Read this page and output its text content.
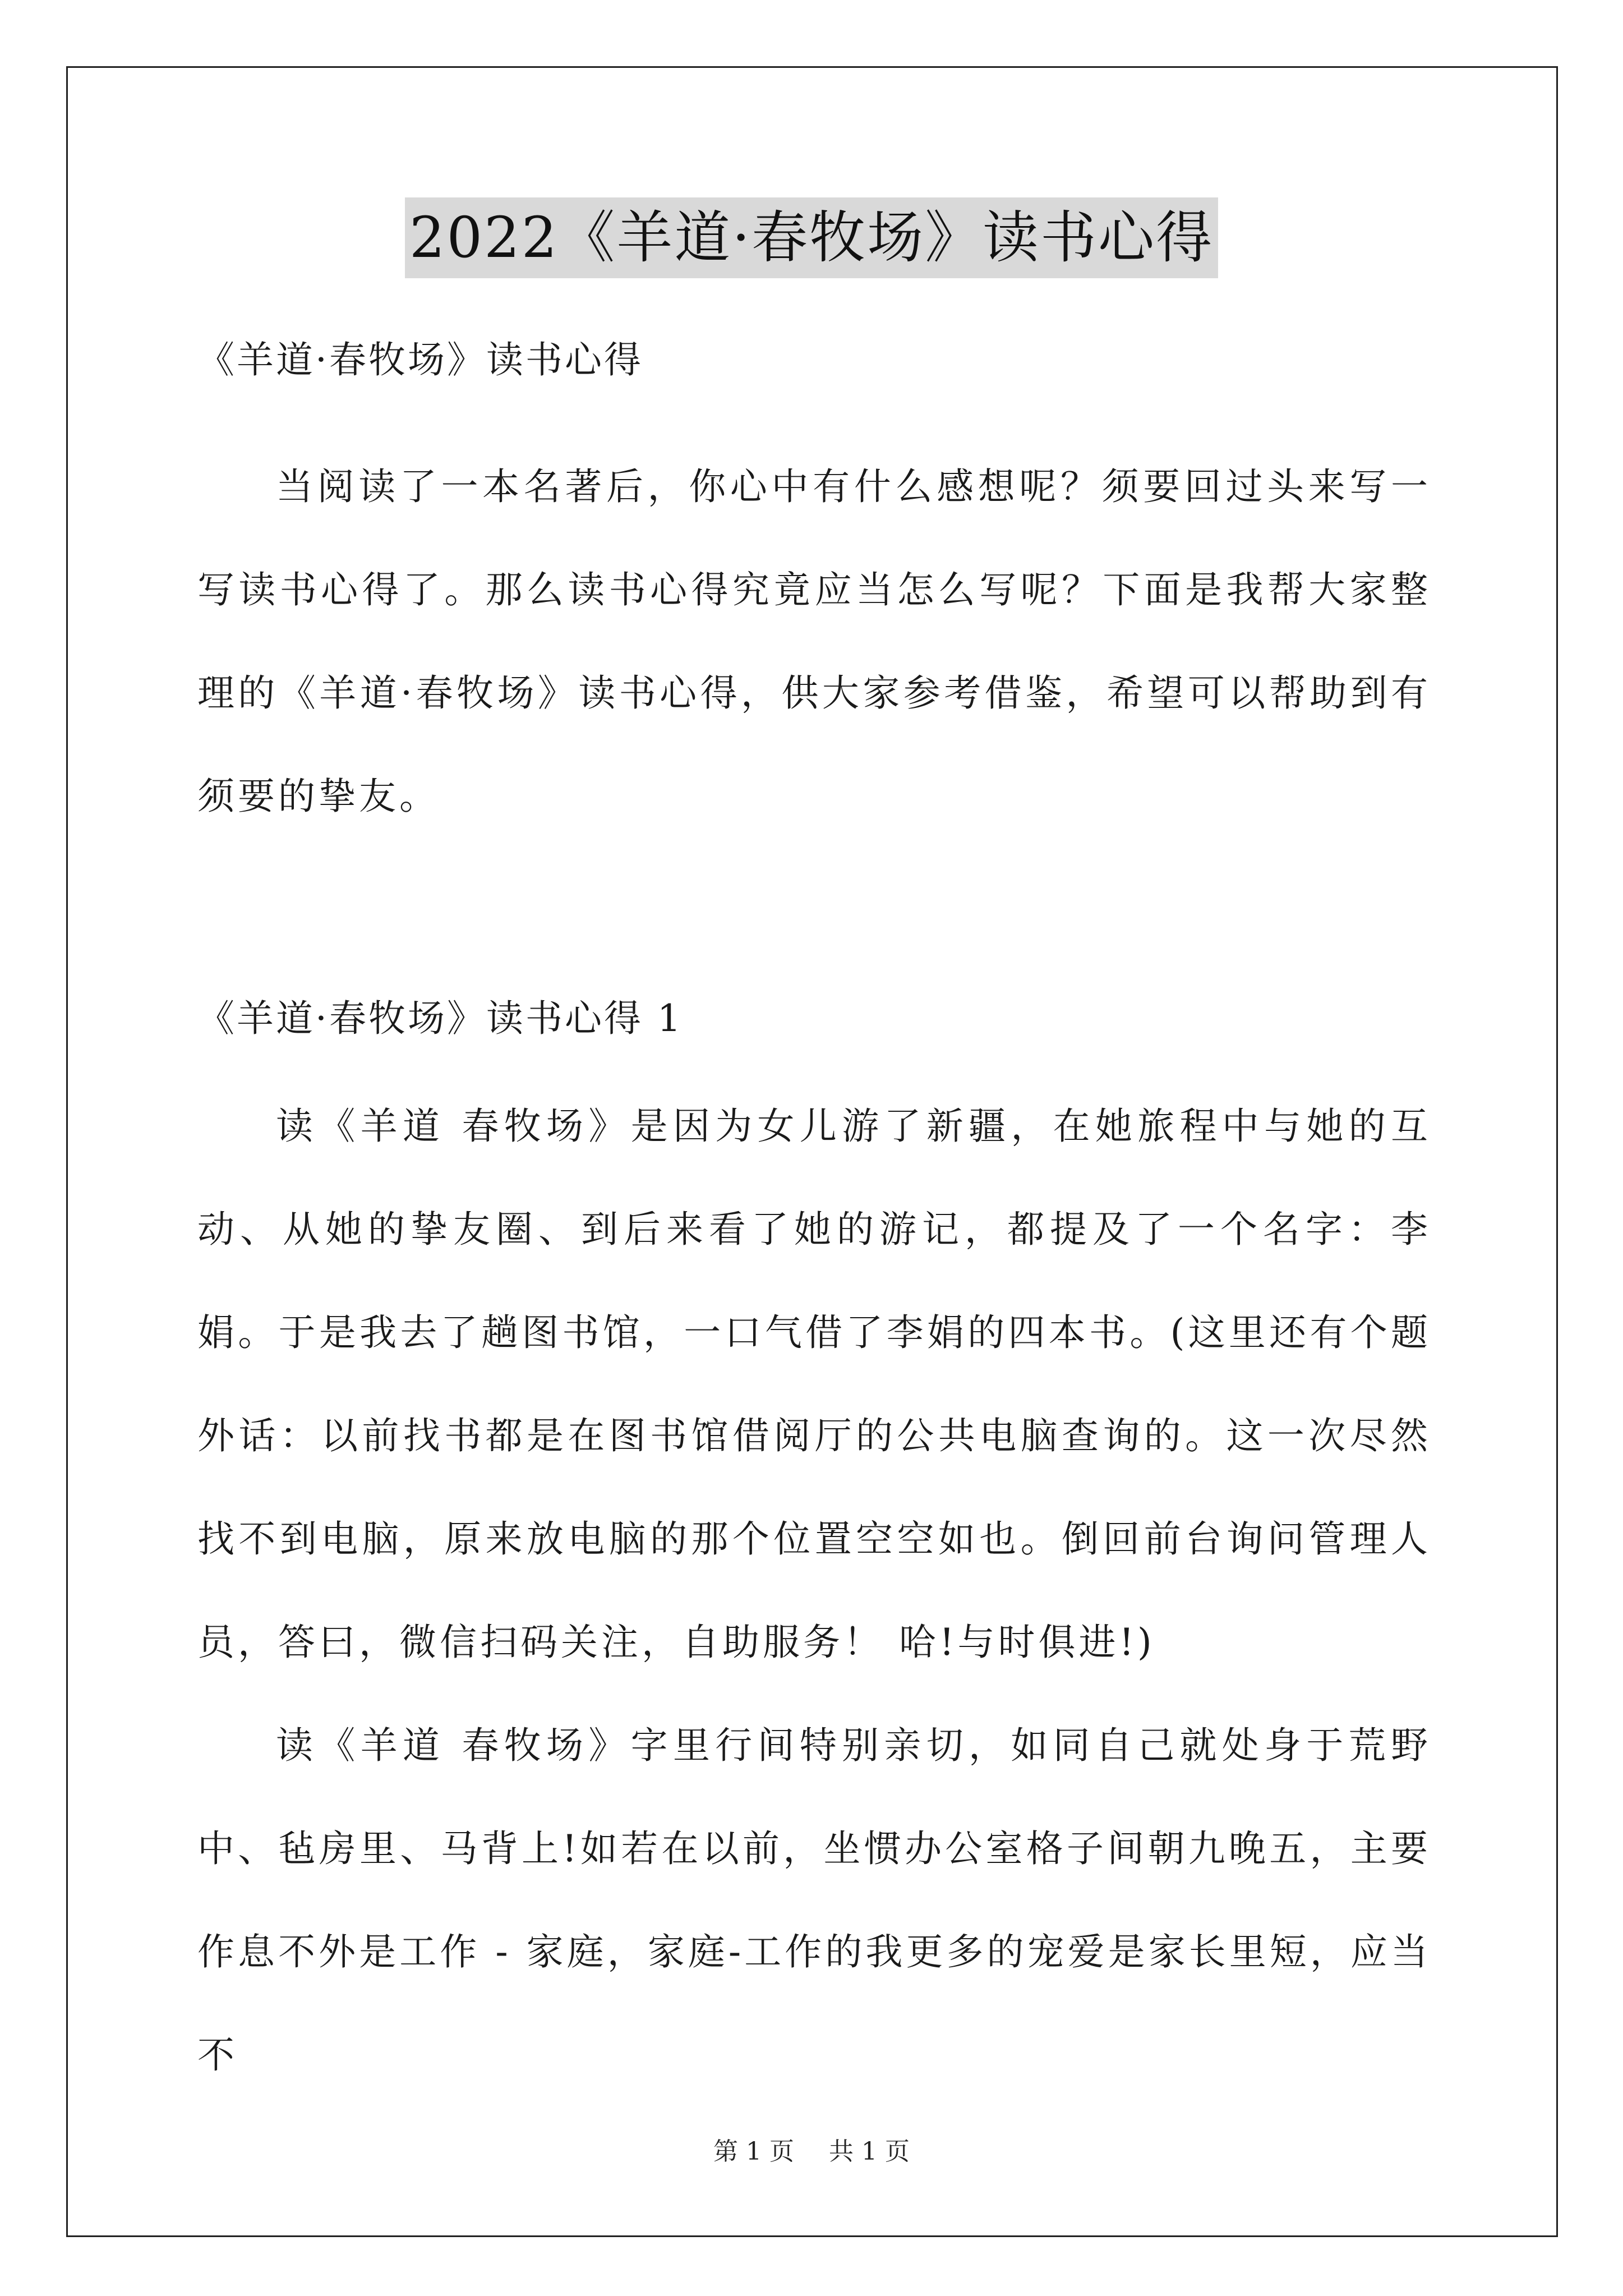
2022《羊道·春牧场》读书心得
《羊道·春牧场》读书心得

当阅读了一本名著后，你心中有什么感想呢？须要回过头来写一写读书心得了。那么读书心得究竟应当怎么写呢？下面是我帮大家整理的《羊道·春牧场》读书心得，供大家参考借鉴，希望可以帮助到有须要的挚友。

《羊道·春牧场》读书心得 1

读《羊道 春牧场》是因为女儿游了新疆，在她旅程中与她的互动、从她的挚友圈、到后来看了她的游记，都提及了一个名字：李娟。于是我去了趟图书馆，一口气借了李娟的四本书。(这里还有个题外话：以前找书都是在图书馆借阅厅的公共电脑查询的。这一次尽然找不到电脑，原来放电脑的那个位置空空如也。倒回前台询问管理人员，答曰，微信扫码关注，自助服务！ 哈!与时俱进!)

读《羊道 春牧场》字里行间特别亲切，如同自己就处身于荒野中、毡房里、马背上!如若在以前，坐惯办公室格子间朝九晚五，主要作息不外是工作 - 家庭，家庭-工作的我更多的宠爱是家长里短，应当不

第 1 页 共 1 页
